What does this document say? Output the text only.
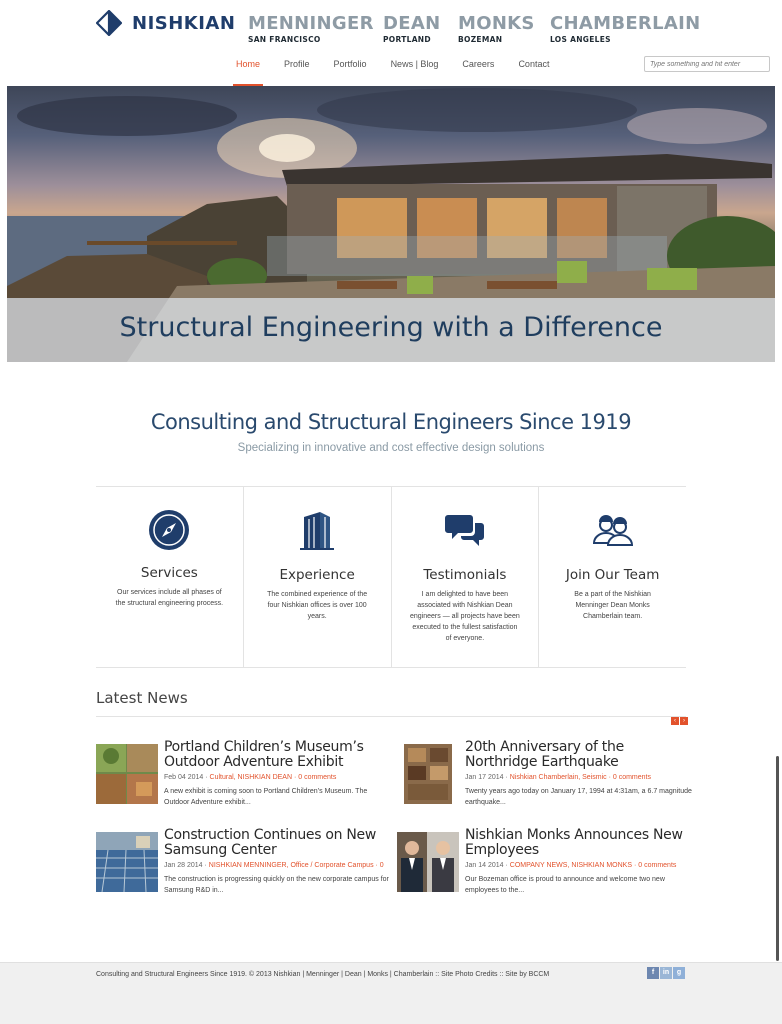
NISHKIAN MENNINGER
SAN FRANCISCO
DEAN
PORTLAND
MONKS
BOZEMAN
CHAMBERLAIN
LOS ANGELES
Home	Profile	Portfolio	News | Blog	Careers	Contact
Type something and hit enter
Structural Engineering with a Difference
Consulting and Structural Engineers Since 1919
Specializing in innovative and cost effective design solutions
Services
Our services include all phases of the structural engineering process.
Experience
The combined experience of the four Nishkian offices is over 100 years.
Testimonials
I am delighted to have been associated with Nishkian Dean engineers — all projects have been executed to the fullest satisfaction of everyone.
Join Our Team
Be a part of the Nishkian Menninger Dean Monks Chamberlain team.
Latest News
‹	›
Portland Children’s Museum’s Outdoor Adventure Exhibit
Feb 04 2014 · Cultural, NISHKIAN DEAN · 0 comments
A new exhibit is coming soon to Portland Children’s Museum. The Outdoor Adventure exhibit...
20th Anniversary of the Northridge Earthquake
Jan 17 2014 · Nishkian Chamberlain, Seismic · 0 comments
Twenty years ago today on January 17, 1994 at 4:31am, a 6.7 magnitude earthquake...
Construction Continues on New Samsung Center
Jan 28 2014 · NISHKIAN MENNINGER, Office / Corporate Campus · 0
The construction is progressing quickly on the new corporate campus for Samsung R&D in...
Nishkian Monks Announces New Employees
Jan 14 2014 · COMPANY NEWS, NISHKIAN MONKS · 0 comments
Our Bozeman office is proud to announce and welcome two new employees to the...
Consulting and Structural Engineers Since 1919. © 2013 Nishkian | Menninger | Dean | Monks | Chamberlain :: Site Photo Credits :: Site by BCCM	f	in	g
